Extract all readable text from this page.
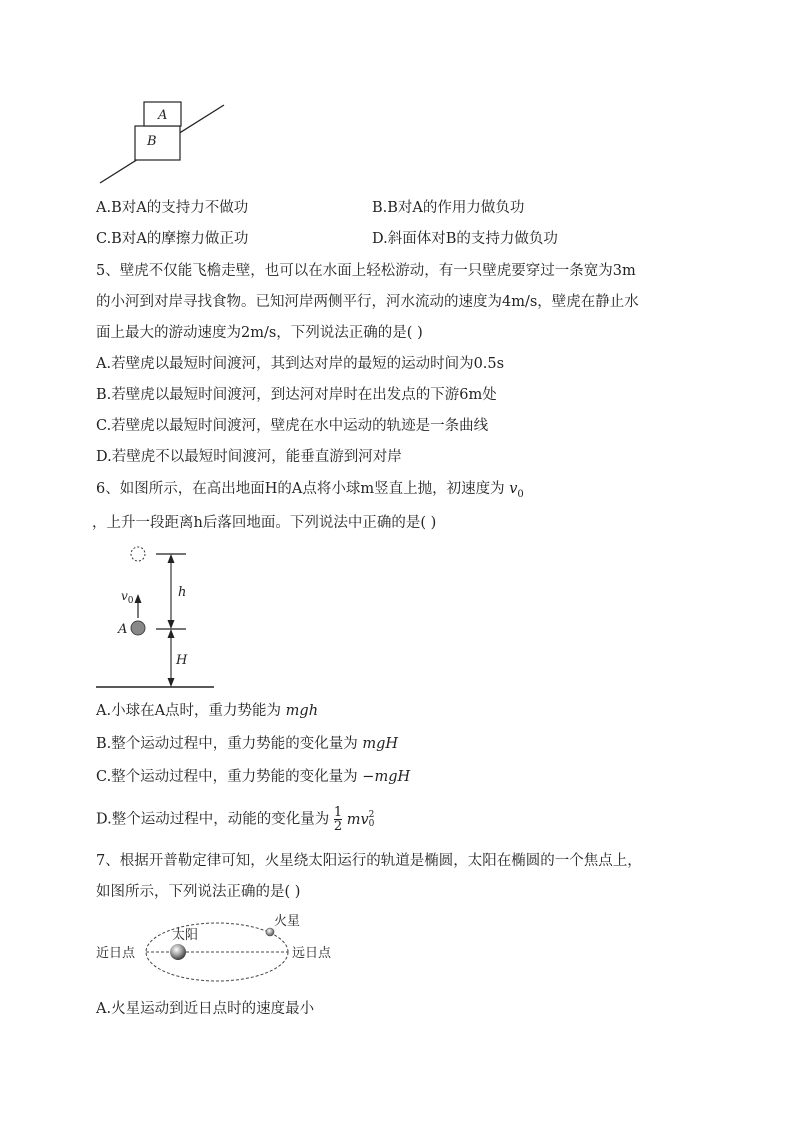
A
B
A.B对A的支持力不做功	B.B对A的作用力做负功
C.B对A的摩擦力做正功	D.斜面体对B的支持力做负功
5、壁虎不仅能飞檐走壁，也可以在水面上轻松游动，有一只壁虎要穿过一条宽为3m
的小河到对岸寻找食物。已知河岸两侧平行，河水流动的速度为4m/s，壁虎在静止水
面上最大的游动速度为2m/s，下列说法正确的是( )
A.若壁虎以最短时间渡河，其到达对岸的最短的运动时间为0.5s
B.若壁虎以最短时间渡河，到达河对岸时在出发点的下游6m处
C.若壁虎以最短时间渡河，壁虎在水中运动的轨迹是一条曲线
D.若壁虎不以最短时间渡河，能垂直游到河对岸
6、如图所示，在高出地面H的A点将小球m竖直上抛，初速度为 $v_0$
，上升一段距离h后落回地面。下列说法中正确的是( )
$v_0$
A
h
H
A.小球在A点时，重力势能为 mgh
B.整个运动过程中，重力势能的变化量为 mgH
C.整个运动过程中，重力势能的变化量为 −mgH
D.整个运动过程中，动能的变化量为 $\frac{1}{2}$ mv 2
0
7、根据开普勒定律可知，火星绕太阳运行的轨道是椭圆，太阳在椭圆的一个焦点上，
如图所示，下列说法正确的是( )
近日点
太阳
火星
远日点
A.火星运动到近日点时的速度最小
